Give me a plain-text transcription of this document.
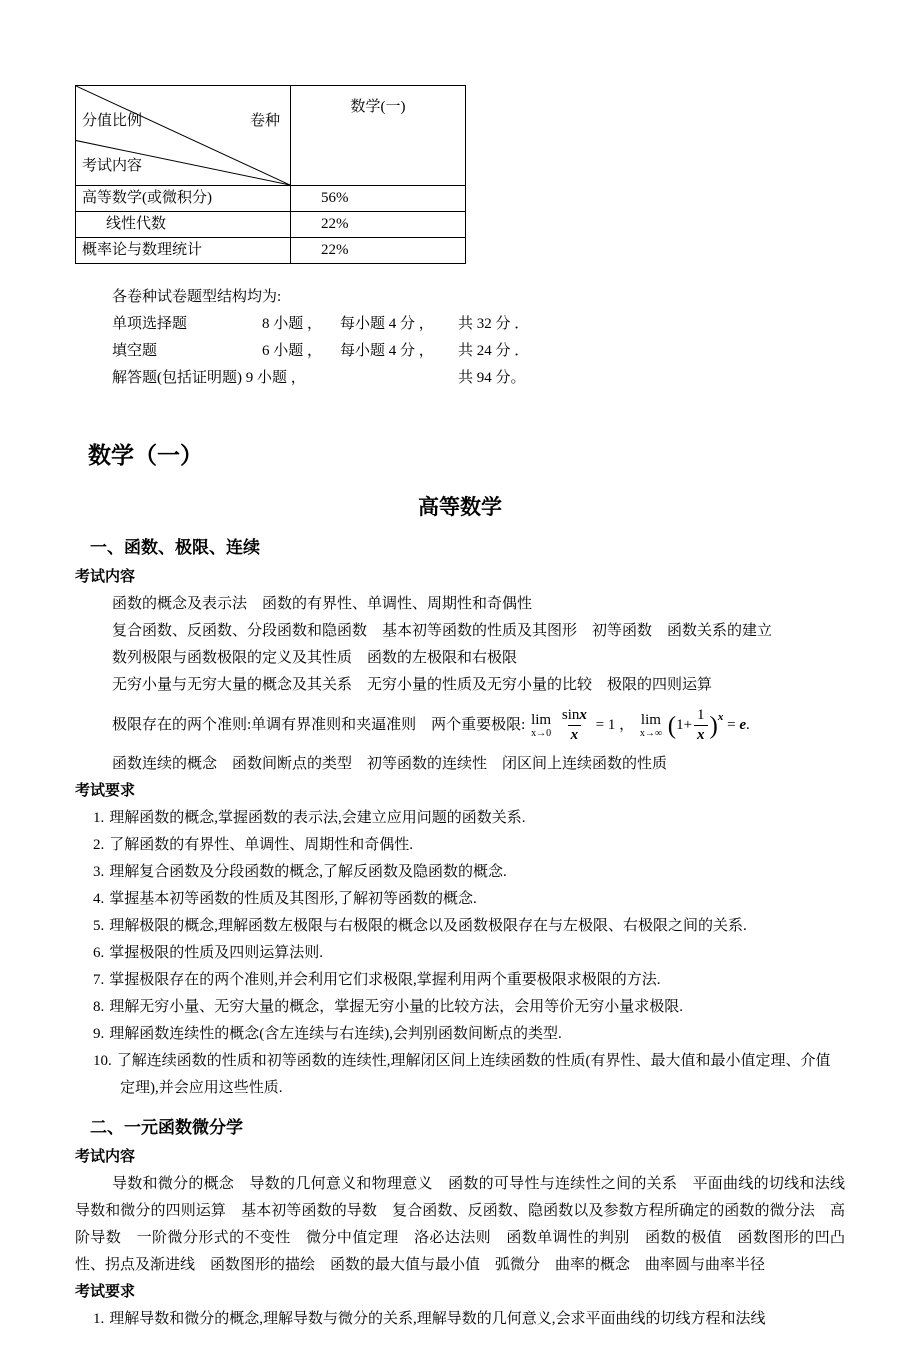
分值比例 卷种
考试内容	数学(一)
高等数学(或微积分)	56%
线性代数	22%
概率论与数理统计	22%
各卷种试卷题型结构均为:
单项选择题	8 小题 ，	每小题 4 分 ，	共 32 分 ．
填空题	6 小题 ，	每小题 4 分 ，	共 24 分 ．
解答题(包括证明题) 9 小题 ，	共 94 分。
数学（一）
高等数学
一、函数、极限、连续
考试内容
函数的概念及表示法　函数的有界性、单调性、周期性和奇偶性
复合函数、反函数、分段函数和隐函数　基本初等函数的性质及其图形　初等函数　函数关系的建立
数列极限与函数极限的定义及其性质　函数的左极限和右极限
无穷小量与无穷大量的概念及其关系　无穷小量的性质及无穷小量的比较　极限的四则运算
极限存在的两个准则:单调有界准则和夹逼准则　两个重要极限: lim
x→0
$\frac{\sin x}{x} = 1$ ， lim
x→∞ $(1+ \frac{1}{x} )^x = e$.
函数连续的概念　函数间断点的类型　初等函数的连续性　闭区间上连续函数的性质
考试要求
1. 理解函数的概念,掌握函数的表示法,会建立应用问题的函数关系.
2. 了解函数的有界性、单调性、周期性和奇偶性.
3. 理解复合函数及分段函数的概念,了解反函数及隐函数的概念.
4. 掌握基本初等函数的性质及其图形,了解初等函数的概念.
5. 理解极限的概念,理解函数左极限与右极限的概念以及函数极限存在与左极限、右极限之间的关系.
6. 掌握极限的性质及四则运算法则.
7. 掌握极限存在的两个准则,并会利用它们求极限,掌握利用两个重要极限求极限的方法.
8. 理解无穷小量、无穷大量的概念，掌握无穷小量的比较方法，会用等价无穷小量求极限.
9. 理解函数连续性的概念(含左连续与右连续),会判别函数间断点的类型.
10. 了解连续函数的性质和初等函数的连续性,理解闭区间上连续函数的性质(有界性、最大值和最小值定理、介值定理),并会应用这些性质.
二、一元函数微分学
考试内容
导数和微分的概念　导数的几何意义和物理意义　函数的可导性与连续性之间的关系　平面曲线的切线和法线　导数和微分的四则运算　基本初等函数的导数　复合函数、反函数、隐函数以及参数方程所确定的函数的微分法　高阶导数　一阶微分形式的不变性　微分中值定理　洛必达法则　函数单调性的判别　函数的极值　函数图形的凹凸性、拐点及渐进线　函数图形的描绘　函数的最大值与最小值　弧微分　曲率的概念　曲率圆与曲率半径
考试要求
1. 理解导数和微分的概念,理解导数与微分的关系,理解导数的几何意义,会求平面曲线的切线方程和法线
